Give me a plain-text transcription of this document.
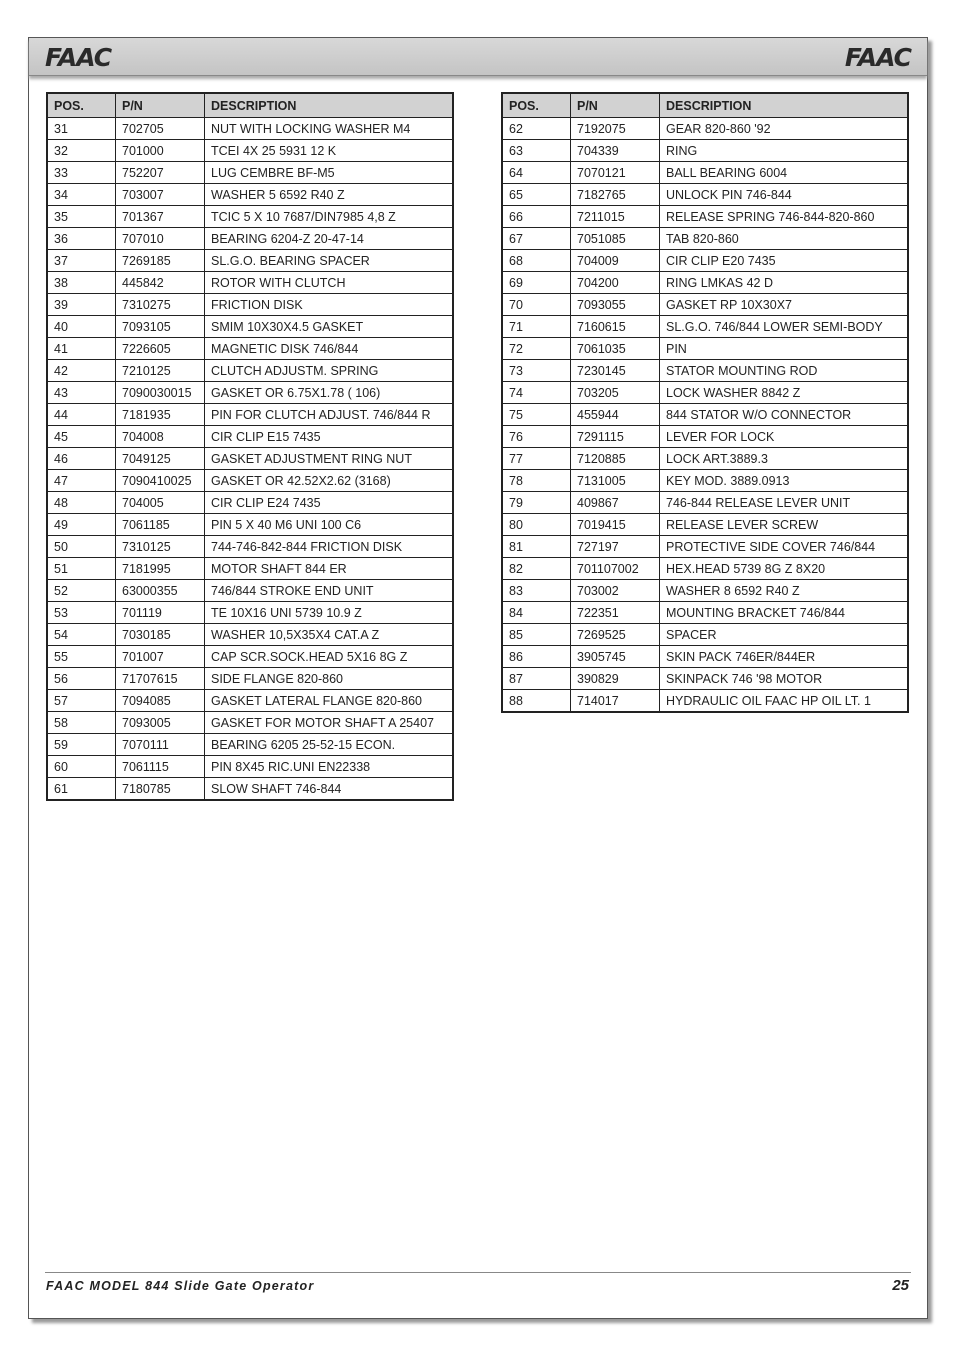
FAAC	FAAC
POS.	P/N	DESCRIPTION
31	702705	NUT WITH LOCKING WASHER M4
32	701000	TCEI 4X 25 5931 12 K
33	752207	LUG CEMBRE BF-M5
34	703007	WASHER 5 6592 R40 Z
35	701367	TCIC 5 X 10 7687/DIN7985 4,8 Z
36	707010	BEARING 6204-Z 20-47-14
37	7269185	SL.G.O. BEARING SPACER
38	445842	ROTOR WITH CLUTCH
39	7310275	FRICTION DISK
40	7093105	SMIM 10X30X4.5 GASKET
41	7226605	MAGNETIC DISK 746/844
42	7210125	CLUTCH ADJUSTM. SPRING
43	7090030015	GASKET OR 6.75X1.78 ( 106)
44	7181935	PIN FOR CLUTCH ADJUST. 746/844 R
45	704008	CIR CLIP E15 7435
46	7049125	GASKET ADJUSTMENT RING NUT
47	7090410025	GASKET OR 42.52X2.62 (3168)
48	704005	CIR CLIP E24 7435
49	7061185	PIN 5 X 40 M6 UNI 100 C6
50	7310125	744-746-842-844 FRICTION DISK
51	7181995	MOTOR SHAFT 844 ER
52	63000355	746/844 STROKE END UNIT
53	701119	TE 10X16 UNI 5739 10.9 Z
54	7030185	WASHER 10,5X35X4 CAT.A Z
55	701007	CAP SCR.SOCK.HEAD 5X16 8G Z
56	71707615	SIDE FLANGE 820-860
57	7094085	GASKET LATERAL FLANGE 820-860
58	7093005	GASKET FOR MOTOR SHAFT A 25407
59	7070111	BEARING 6205 25-52-15 ECON.
60	7061115	PIN 8X45 RIC.UNI EN22338
61	7180785	SLOW SHAFT 746-844
POS.	P/N	DESCRIPTION
62	7192075	GEAR 820-860 '92
63	704339	RING
64	7070121	BALL BEARING 6004
65	7182765	UNLOCK PIN 746-844
66	7211015	RELEASE SPRING 746-844-820-860
67	7051085	TAB 820-860
68	704009	CIR CLIP E20 7435
69	704200	RING LMKAS 42 D
70	7093055	GASKET RP 10X30X7
71	7160615	SL.G.O. 746/844 LOWER SEMI-BODY
72	7061035	PIN
73	7230145	STATOR MOUNTING ROD
74	703205	LOCK WASHER 8842 Z
75	455944	844 STATOR W/O CONNECTOR
76	7291115	LEVER FOR LOCK
77	7120885	LOCK ART.3889.3
78	7131005	KEY MOD. 3889.0913
79	409867	746-844 RELEASE LEVER UNIT
80	7019415	RELEASE LEVER SCREW
81	727197	PROTECTIVE SIDE COVER 746/844
82	701107002	HEX.HEAD 5739 8G Z 8X20
83	703002	WASHER 8 6592 R40 Z
84	722351	MOUNTING BRACKET 746/844
85	7269525	SPACER
86	3905745	SKIN PACK 746ER/844ER
87	390829	SKINPACK 746 '98 MOTOR
88	714017	HYDRAULIC OIL FAAC HP OIL LT. 1
FAAC MODEL 844 Slide Gate Operator	25
